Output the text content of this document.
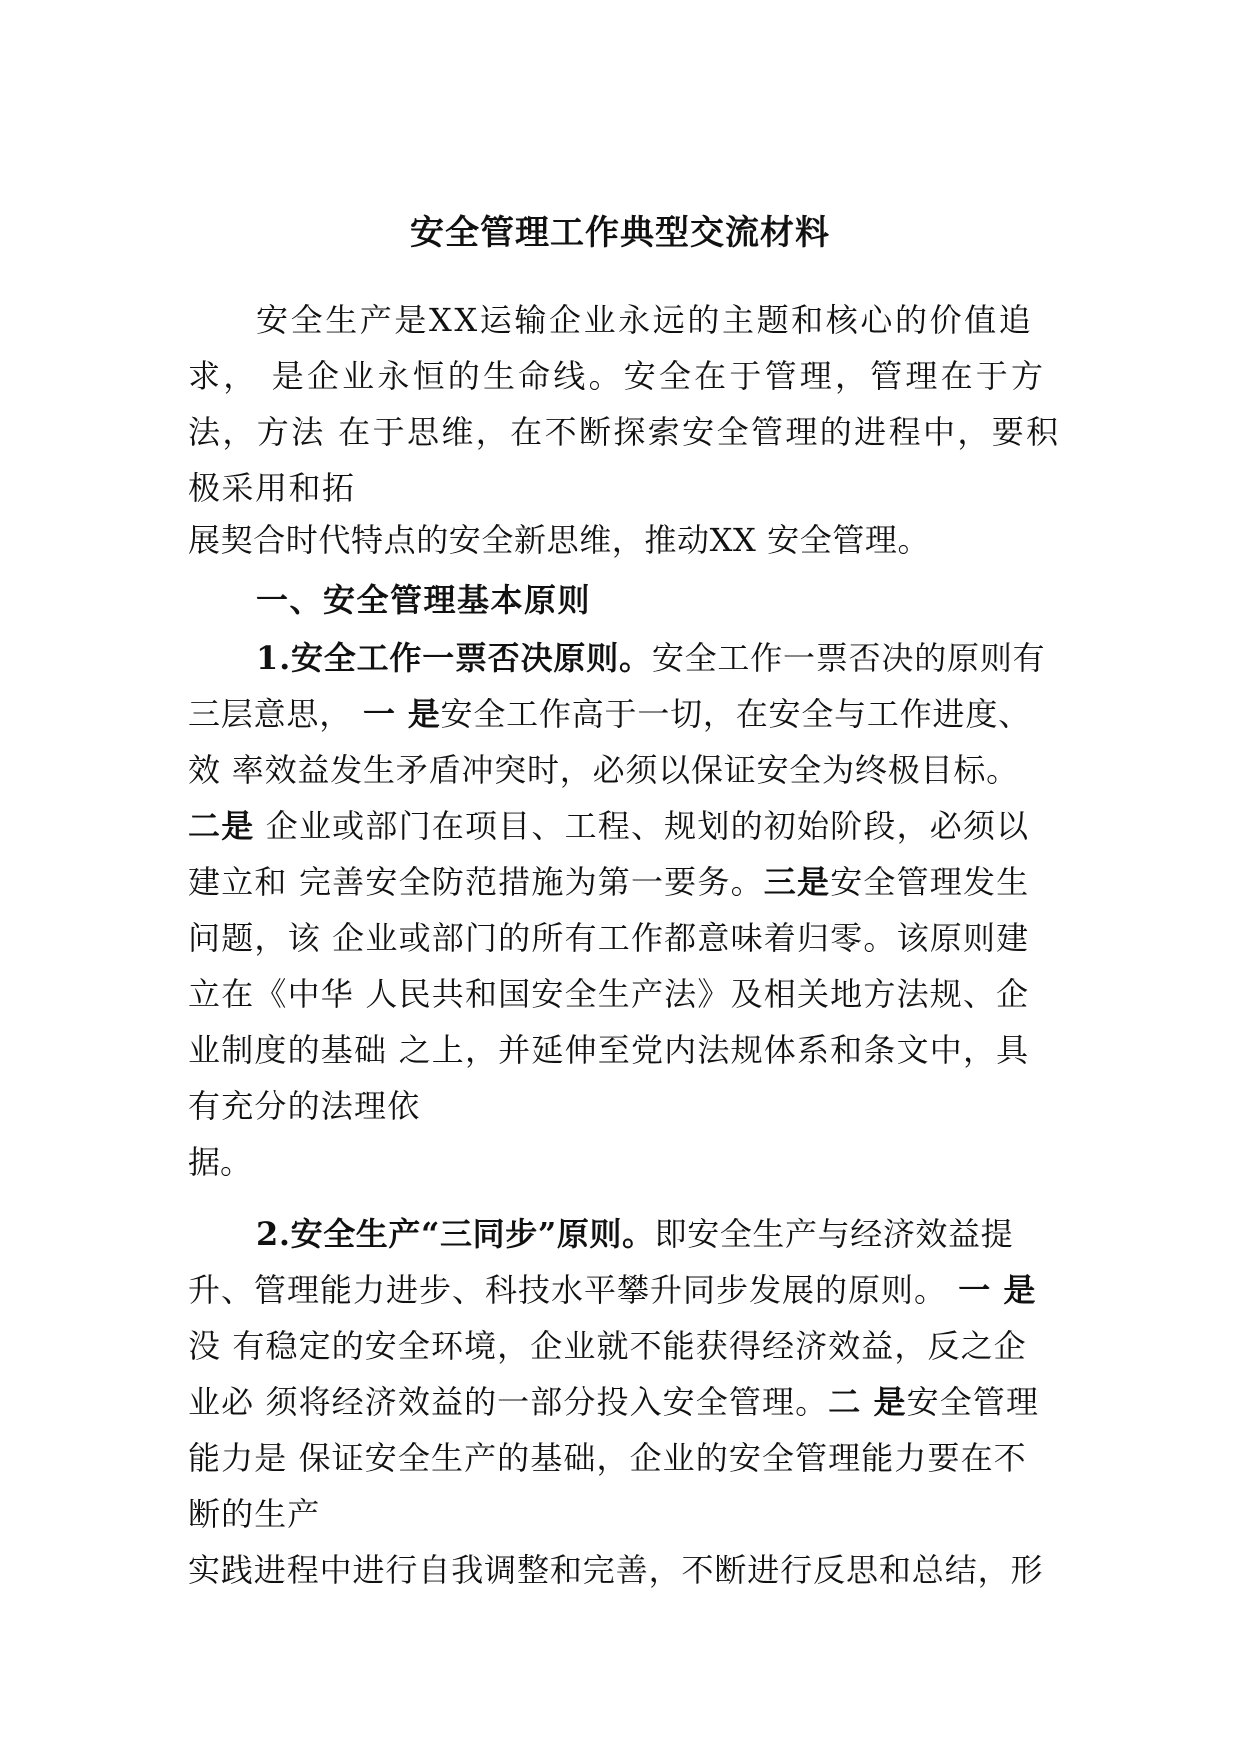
安全管理工作典型交流材料
安全生产是XX运输企业永远的主题和核心的价值追
求， 是企业永恒的生命线。安全在于管理，管理在于方
法，方法 在于思维，在不断探索安全管理的进程中，要积
极采用和拓
展契合时代特点的安全新思维，推动XX 安全管理。
一、安全管理基本原则
1.安全工作一票否决原则。安全工作一票否决的原则有
三层意思， 一 是安全工作高于一切，在安全与工作进度、
效 率效益发生矛盾冲突时，必须以保证安全为终极目标。
二是 企业或部门在项目、工程、规划的初始阶段，必须以
建立和 完善安全防范措施为第一要务。三是安全管理发生
问题，该 企业或部门的所有工作都意味着归零。该原则建
立在《中华 人民共和国安全生产法》及相关地方法规、企
业制度的基础 之上，并延伸至党内法规体系和条文中，具
有充分的法理依
据。
2.安全生产“三同步”原则。即安全生产与经济效益提
升、管理能力进步、科技水平攀升同步发展的原则。 一 是
没 有稳定的安全环境，企业就不能获得经济效益，反之企
业必 须将经济效益的一部分投入安全管理。二 是安全管理
能力是 保证安全生产的基础，企业的安全管理能力要在不
断的生产
实践进程中进行自我调整和完善，不断进行反思和总结，形
